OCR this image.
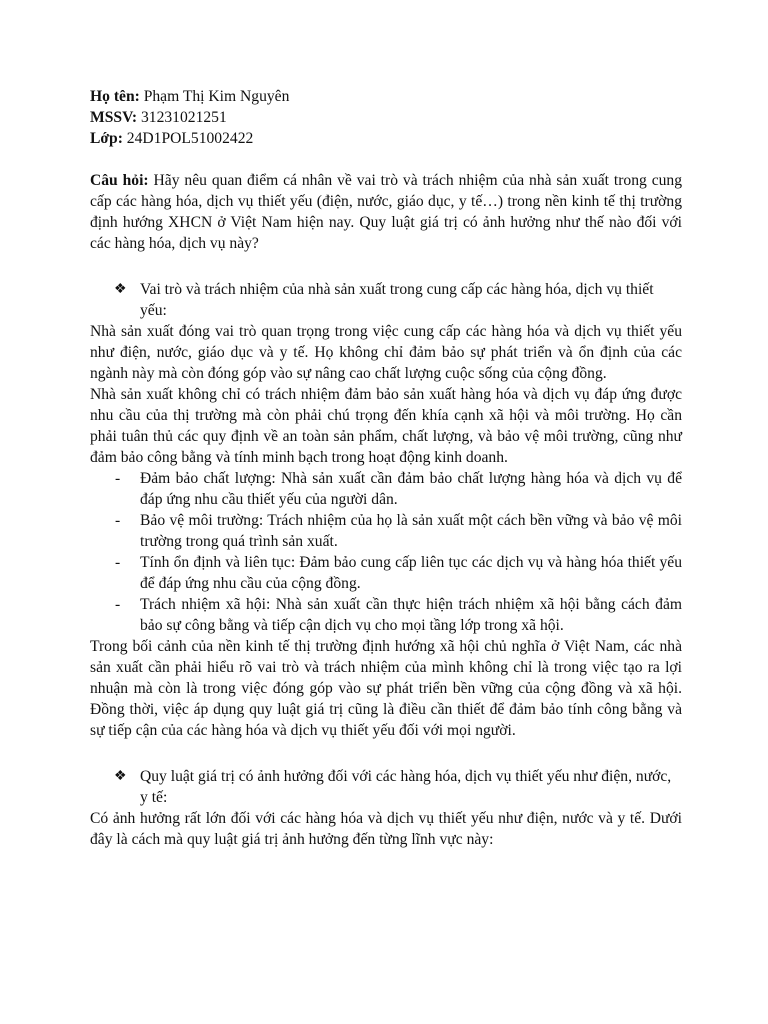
Họ tên: Phạm Thị Kim Nguyên

MSSV: 31231021251

Lớp: 24D1POL51002422

Câu hỏi: Hãy nêu quan điểm cá nhân về vai trò và trách nhiệm của nhà sản xuất trong cung cấp các hàng hóa, dịch vụ thiết yếu (điện, nước, giáo dục, y tế…) trong nền kinh tế thị trường định hướng XHCN ở Việt Nam hiện nay. Quy luật giá trị có ảnh hưởng như thế nào đối với các hàng hóa, dịch vụ này?

❖ Vai trò và trách nhiệm của nhà sản xuất trong cung cấp các hàng hóa, dịch vụ thiết yếu:

Nhà sản xuất đóng vai trò quan trọng trong việc cung cấp các hàng hóa và dịch vụ thiết yếu như điện, nước, giáo dục và y tế. Họ không chỉ đảm bảo sự phát triển và ổn định của các ngành này mà còn đóng góp vào sự nâng cao chất lượng cuộc sống của cộng đồng.

Nhà sản xuất không chỉ có trách nhiệm đảm bảo sản xuất hàng hóa và dịch vụ đáp ứng được nhu cầu của thị trường mà còn phải chú trọng đến khía cạnh xã hội và môi trường. Họ cần phải tuân thủ các quy định về an toàn sản phẩm, chất lượng, và bảo vệ môi trường, cũng như đảm bảo công bằng và tính minh bạch trong hoạt động kinh doanh.

- Đảm bảo chất lượng: Nhà sản xuất cần đảm bảo chất lượng hàng hóa và dịch vụ để đáp ứng nhu cầu thiết yếu của người dân.

- Bảo vệ môi trường: Trách nhiệm của họ là sản xuất một cách bền vững và bảo vệ môi trường trong quá trình sản xuất.

- Tính ổn định và liên tục: Đảm bảo cung cấp liên tục các dịch vụ và hàng hóa thiết yếu để đáp ứng nhu cầu của cộng đồng.

- Trách nhiệm xã hội: Nhà sản xuất cần thực hiện trách nhiệm xã hội bằng cách đảm bảo sự công bằng và tiếp cận dịch vụ cho mọi tầng lớp trong xã hội.

Trong bối cảnh của nền kinh tế thị trường định hướng xã hội chủ nghĩa ở Việt Nam, các nhà sản xuất cần phải hiểu rõ vai trò và trách nhiệm của mình không chỉ là trong việc tạo ra lợi nhuận mà còn là trong việc đóng góp vào sự phát triển bền vững của cộng đồng và xã hội. Đồng thời, việc áp dụng quy luật giá trị cũng là điều cần thiết để đảm bảo tính công bằng và sự tiếp cận của các hàng hóa và dịch vụ thiết yếu đối với mọi người.

❖ Quy luật giá trị có ảnh hưởng đối với các hàng hóa, dịch vụ thiết yếu như điện, nước, y tế:

Có ảnh hưởng rất lớn đối với các hàng hóa và dịch vụ thiết yếu như điện, nước và y tế. Dưới đây là cách mà quy luật giá trị ảnh hưởng đến từng lĩnh vực này:
